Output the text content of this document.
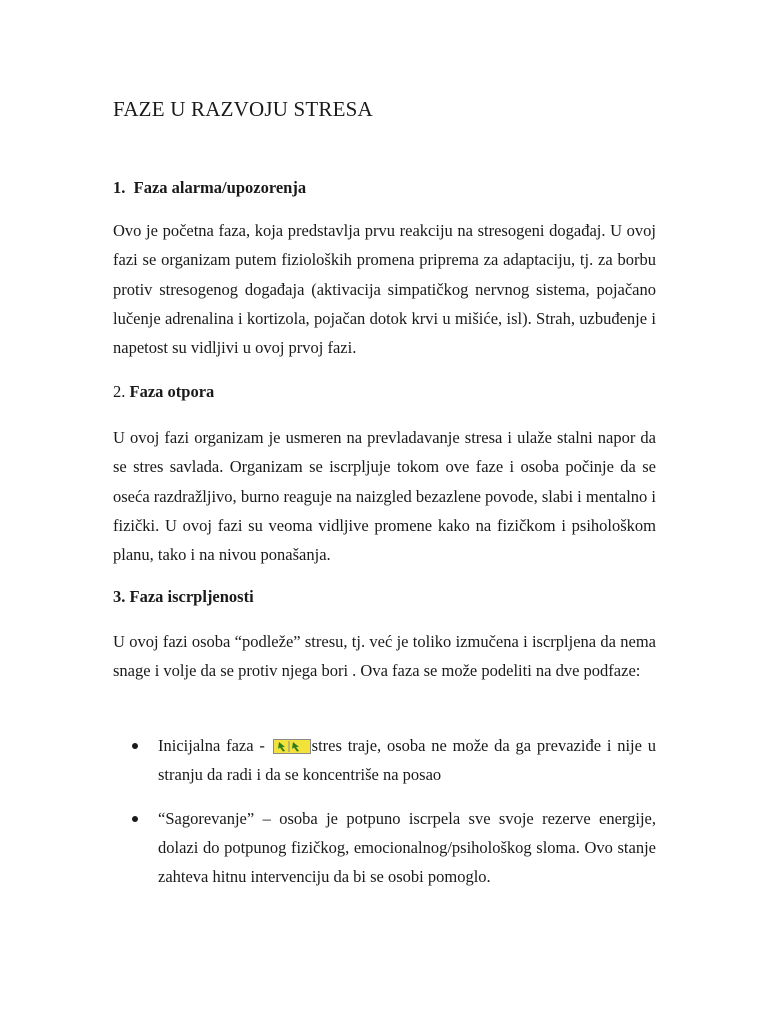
FAZE U RAZVOJU STRESA
1. Faza alarma/upozorenja

Ovo je početna faza, koja predstavlja prvu reakciju na stresogeni događaj. U ovoj fazi se organizam putem fizioloških promena priprema za adaptaciju, tj. za borbu protiv stresogenog događaja (aktivacija simpatičkog nervnog sistema, pojačano lučenje adrenalina i kortizola, pojačan dotok krvi u mišiće, isl). Strah, uzbuđenje i napetost su vidljivi u ovoj prvoj fazi.

2. Faza otpora

U ovoj fazi organizam je usmeren na prevladavanje stresa i ulaže stalni napor da se stres savlada. Organizam se iscrpljuje tokom ove faze i osoba počinje da se oseća razdražljivo, burno reaguje na naizgled bezazlene povode, slabi i mentalno i fizički. U ovoj fazi su veoma vidljive promene kako na fizičkom i psihološkom planu, tako i na nivou ponašanja.

3. Faza iscrpljenosti

U ovoj fazi osoba “podleže” stresu, tj. već je toliko izmučena i iscrpljena da nema snage i volje da se protiv njega bori . Ova faza se može podeliti na dve podfaze:

Inicijalna faza - stres traje, osoba ne može da ga prevaziđe i nije u stranju da radi i da se koncentriše na posao
“Sagorevanje” – osoba je potpuno iscrpela sve svoje rezerve energije, dolazi do potpunog fizičkog, emocionalnog/psihološkog sloma. Ovo stanje zahteva hitnu intervenciju da bi se osobi pomoglo.
